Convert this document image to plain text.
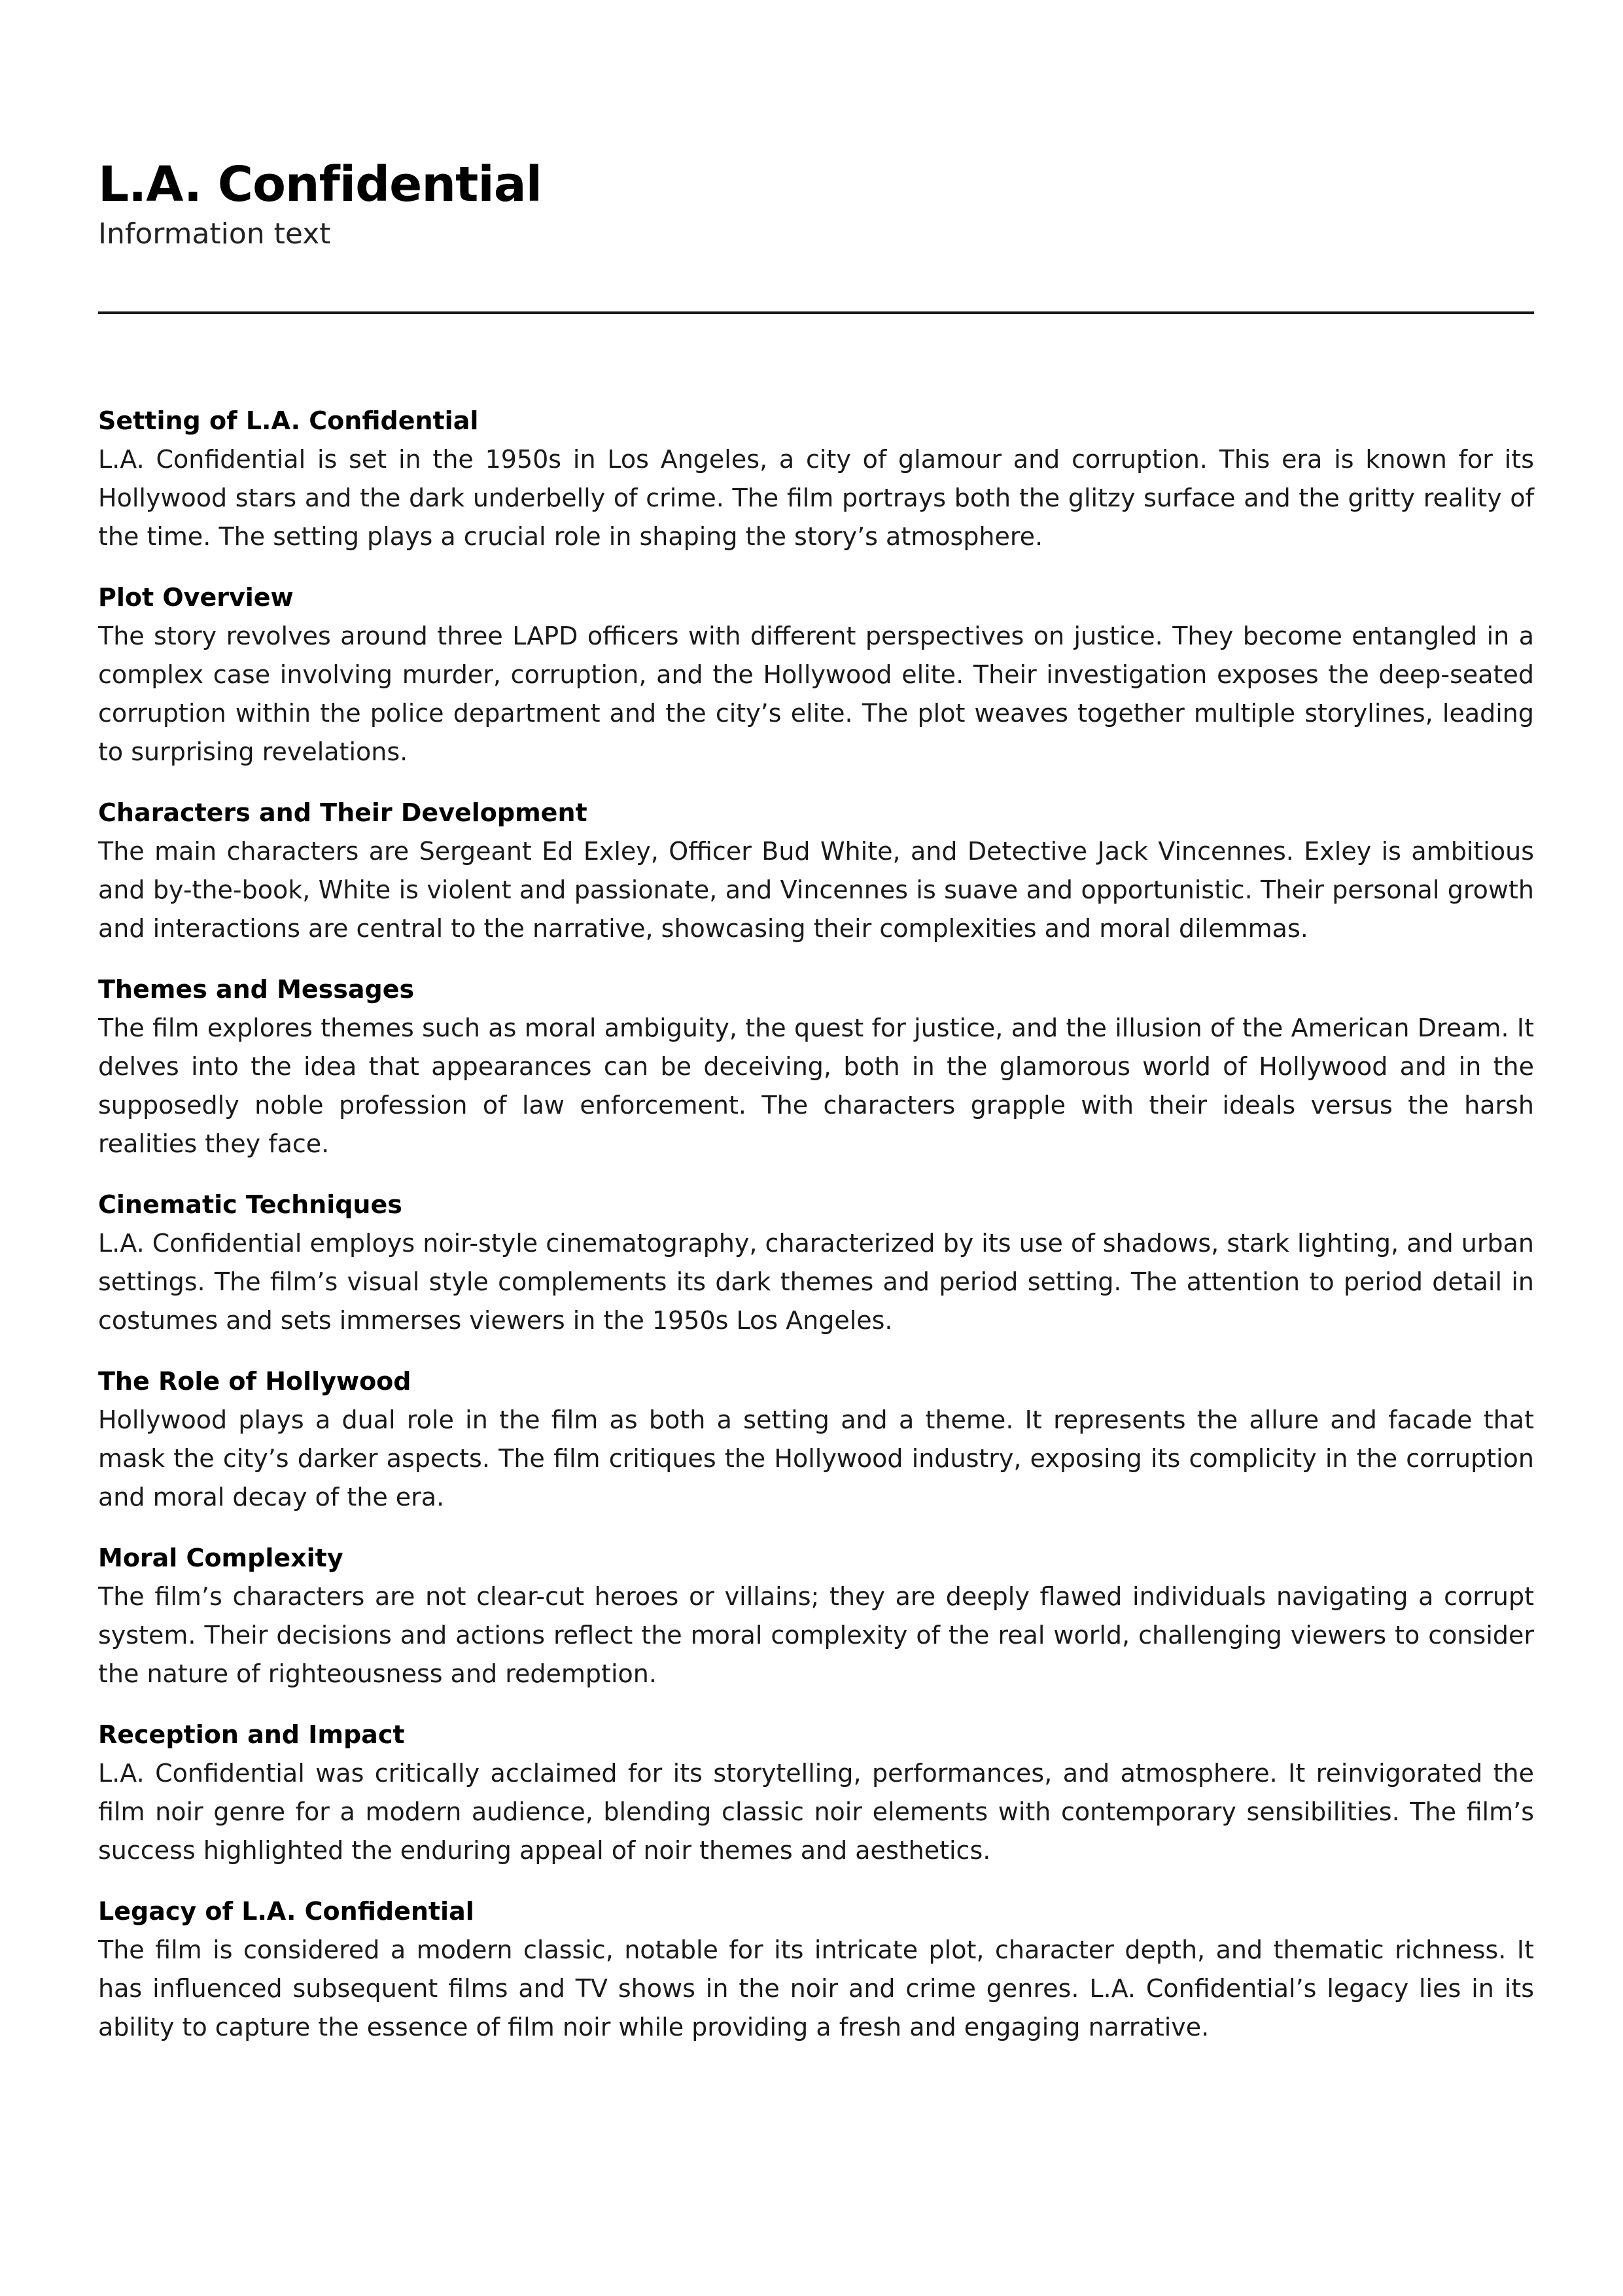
L.A. Confidential

Information text

Setting of L.A. Confidential

L.A. Confidential is set in the 1950s in Los Angeles, a city of glamour and corruption. This era is known for its Hollywood stars and the dark underbelly of crime. The film portrays both the glitzy surface and the gritty reality of the time. The setting plays a crucial role in shaping the story’s atmosphere.

Plot Overview

The story revolves around three LAPD officers with different perspectives on justice. They become entangled in a complex case involving murder, corruption, and the Hollywood elite. Their investigation exposes the deep-seated corruption within the police department and the city’s elite. The plot weaves together multiple storylines, leading to surprising revelations.

Characters and Their Development

The main characters are Sergeant Ed Exley, Officer Bud White, and Detective Jack Vincennes. Exley is ambitious and by-the-book, White is violent and passionate, and Vincennes is suave and opportunistic. Their personal growth and interactions are central to the narrative, showcasing their complexities and moral dilemmas.

Themes and Messages

The film explores themes such as moral ambiguity, the quest for justice, and the illusion of the American Dream. It delves into the idea that appearances can be deceiving, both in the glamorous world of Hollywood and in the supposedly noble profession of law enforcement. The characters grapple with their ideals versus the harsh realities they face.

Cinematic Techniques

L.A. Confidential employs noir-style cinematography, characterized by its use of shadows, stark lighting, and urban settings. The film’s visual style complements its dark themes and period setting. The attention to period detail in costumes and sets immerses viewers in the 1950s Los Angeles.

The Role of Hollywood

Hollywood plays a dual role in the film as both a setting and a theme. It represents the allure and facade that mask the city’s darker aspects. The film critiques the Hollywood industry, exposing its complicity in the corruption and moral decay of the era.

Moral Complexity

The film’s characters are not clear-cut heroes or villains; they are deeply flawed individuals navigating a corrupt system. Their decisions and actions reflect the moral complexity of the real world, challenging viewers to consider the nature of righteousness and redemption.

Reception and Impact

L.A. Confidential was critically acclaimed for its storytelling, performances, and atmosphere. It reinvigorated the film noir genre for a modern audience, blending classic noir elements with contemporary sensibilities. The film’s success highlighted the enduring appeal of noir themes and aesthetics.

Legacy of L.A. Confidential

The film is considered a modern classic, notable for its intricate plot, character depth, and thematic richness. It has influenced subsequent films and TV shows in the noir and crime genres. L.A. Confidential’s legacy lies in its ability to capture the essence of film noir while providing a fresh and engaging narrative.
